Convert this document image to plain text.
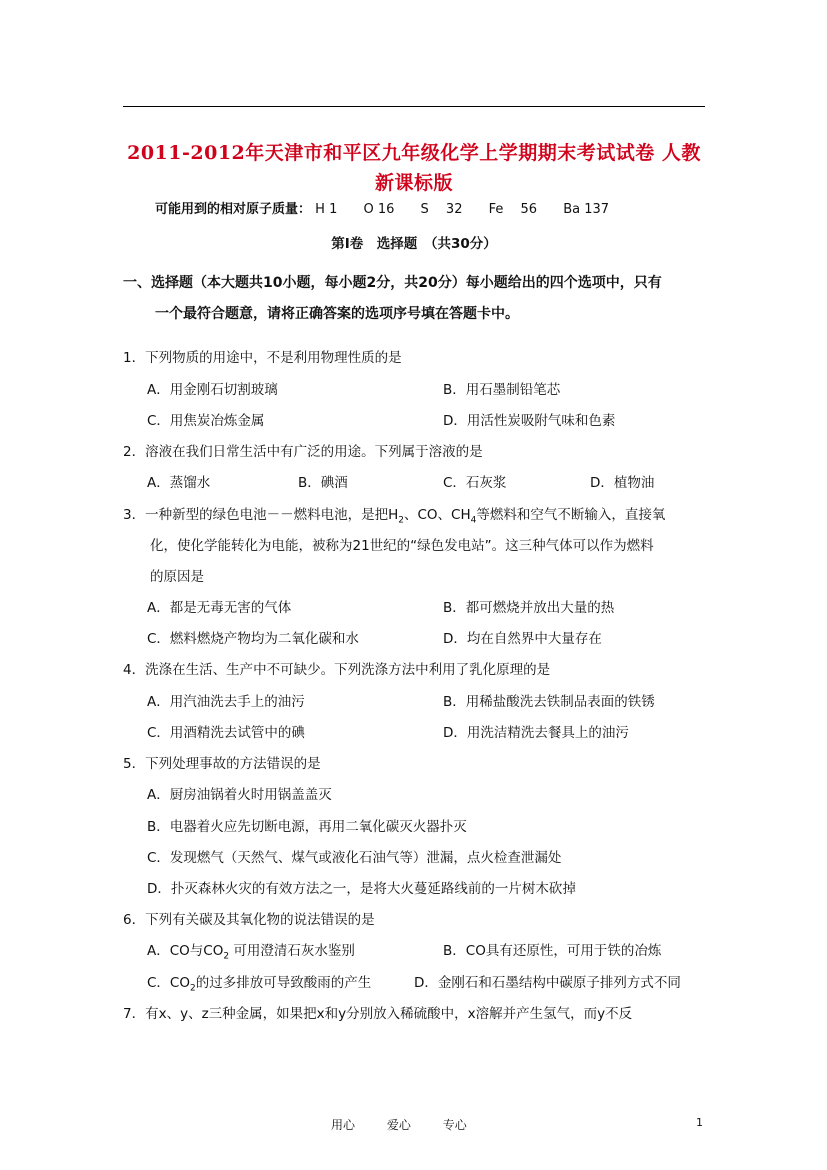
2011-2012年天津市和平区九年级化学上学期期末考试试卷 人教
新课标版
可能用到的相对原子质量： H 1 O 16 S　 32 Fe　 56 Ba 137
第Ⅰ卷　选择题　（共30分）
一、选择题（本大题共10小题，每小题2分，共20分）每小题给出的四个选项中，只有
一个最符合题意，请将正确答案的选项序号填在答题卡中。
1．下列物质的用途中，不是利用物理性质的是
A．用金刚石切割玻璃	B．用石墨制铅笔芯
C．用焦炭冶炼金属	D．用活性炭吸附气味和色素
2．溶液在我们日常生活中有广泛的用途。下列属于溶液的是
A．蒸馏水	B．碘酒	C．石灰浆	D．植物油
3．一种新型的绿色电池－－燃料电池，是把$H_2$、CO、$CH_4$等燃料和空气不断输入，直接氧
化，使化学能转化为电能，被称为21世纪的“绿色发电站”。这三种气体可以作为燃料
的原因是
A．都是无毒无害的气体	B．都可燃烧并放出大量的热
C．燃料燃烧产物均为二氧化碳和水	D．均在自然界中大量存在
4．洗涤在生活、生产中不可缺少。下列洗涤方法中利用了乳化原理的是
A．用汽油洗去手上的油污	B．用稀盐酸洗去铁制品表面的铁锈
C．用酒精洗去试管中的碘	D．用洗洁精洗去餐具上的油污
5．下列处理事故的方法错误的是
A．厨房油锅着火时用锅盖盖灭
B．电器着火应先切断电源，再用二氧化碳灭火器扑灭
C．发现燃气（天然气、煤气或液化石油气等）泄漏，点火检查泄漏处
D．扑灭森林火灾的有效方法之一，是将大火蔓延路线前的一片树木砍掉
6．下列有关碳及其氧化物的说法错误的是
A．CO与$CO_2$ 可用澄清石灰水鉴别	B．CO具有还原性，可用于铁的冶炼
C．$CO_2$的过多排放可导致酸雨的产生	D．金刚石和石墨结构中碳原子排列方式不同
7．有x、y、z三种金属，如果把x和y分别放入稀硫酸中，x溶解并产生氢气，而y不反
用心	爱心	专心	1
